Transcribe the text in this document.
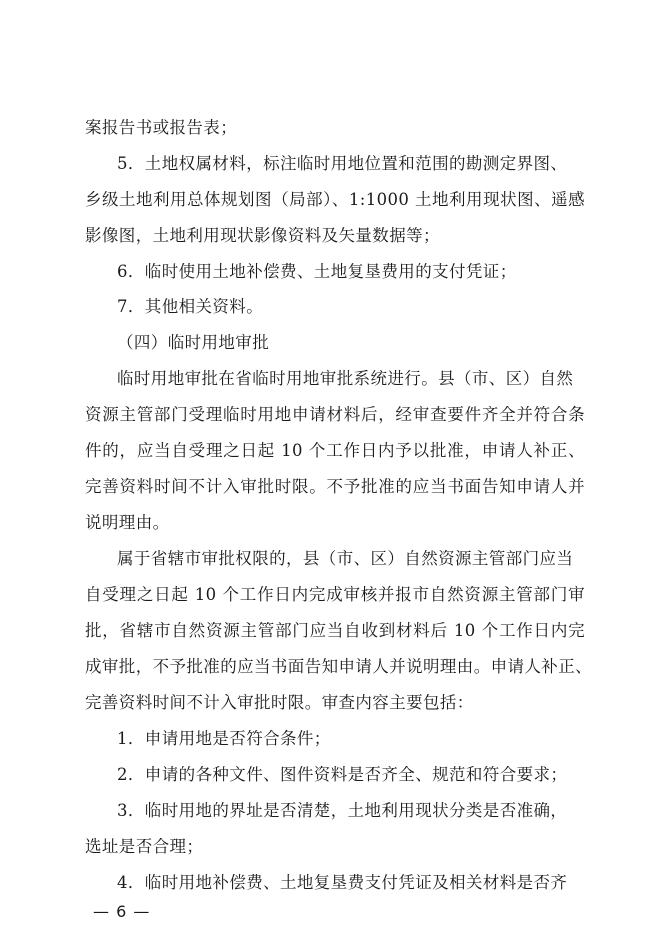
案报告书或报告表；
5．土地权属材料，标注临时用地位置和范围的勘测定界图、
乡级土地利用总体规划图（局部）、1:1000 土地利用现状图、遥感
影像图，土地利用现状影像资料及矢量数据等；
6．临时使用土地补偿费、土地复垦费用的支付凭证；
7．其他相关资料。
（四）临时用地审批
临时用地审批在省临时用地审批系统进行。县（市、区）自然
资源主管部门受理临时用地申请材料后，经审查要件齐全并符合条
件的，应当自受理之日起 10 个工作日内予以批准，申请人补正、
完善资料时间不计入审批时限。不予批准的应当书面告知申请人并
说明理由。
属于省辖市审批权限的，县（市、区）自然资源主管部门应当
自受理之日起 10 个工作日内完成审核并报市自然资源主管部门审
批，省辖市自然资源主管部门应当自收到材料后 10 个工作日内完
成审批，不予批准的应当书面告知申请人并说明理由。申请人补正、
完善资料时间不计入审批时限。审查内容主要包括：
1．申请用地是否符合条件；
2．申请的各种文件、图件资料是否齐全、规范和符合要求；
3．临时用地的界址是否清楚，土地利用现状分类是否准确，
选址是否合理；
4．临时用地补偿费、土地复垦费支付凭证及相关材料是否齐
— 6 —
